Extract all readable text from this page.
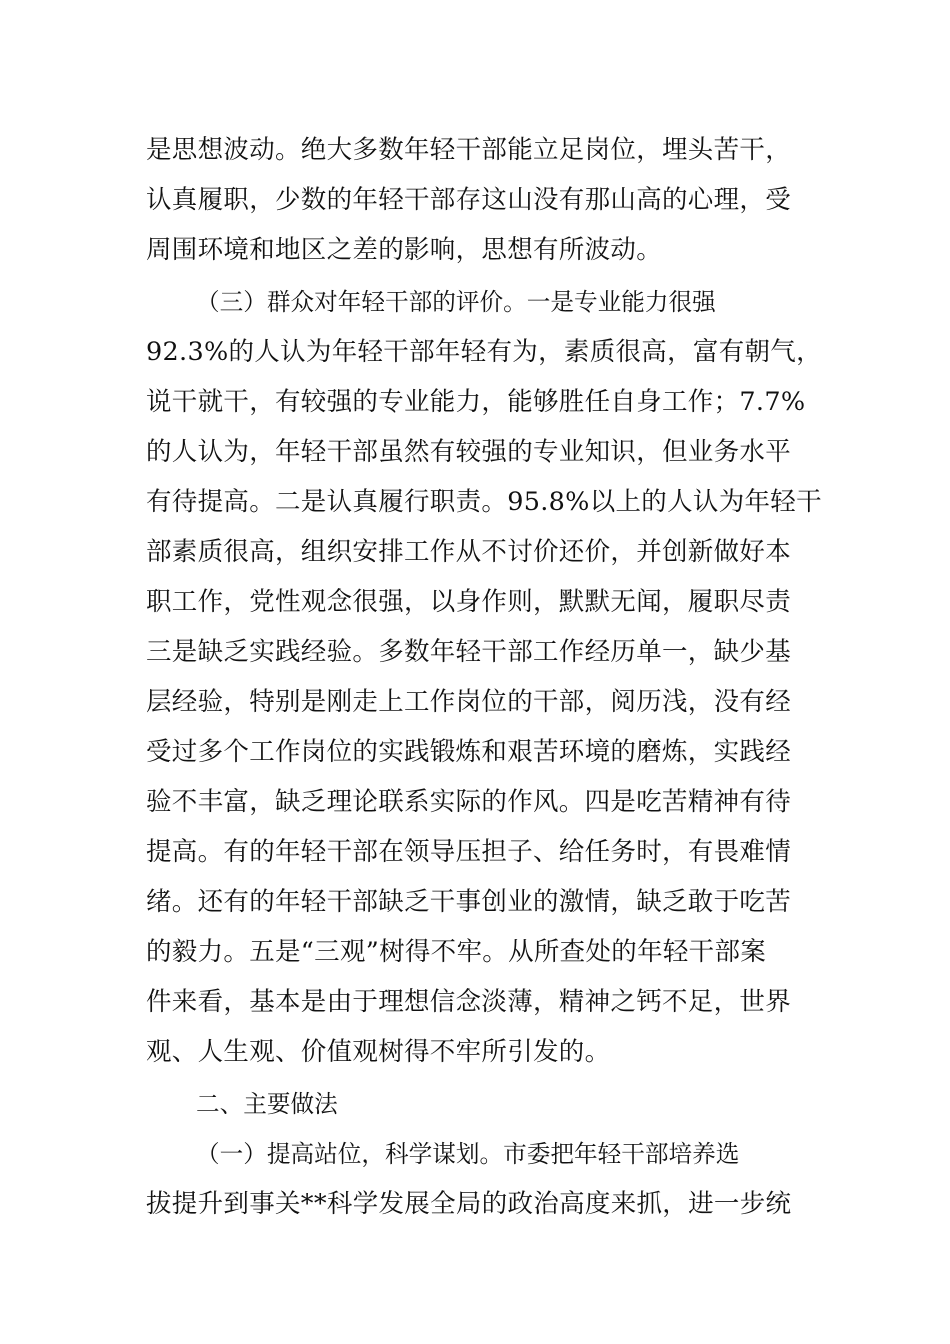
是思想波动。绝大多数年轻干部能立足岗位，埋头苦干，
认真履职，少数的年轻干部存这山没有那山高的心理，受
周围环境和地区之差的影响，思想有所波动。
（三）群众对年轻干部的评价。一是专业能力很强
92.3%的人认为年轻干部年轻有为，素质很高，富有朝气，
说干就干，有较强的专业能力，能够胜任自身工作；7.7%
的人认为，年轻干部虽然有较强的专业知识，但业务水平
有待提高。二是认真履行职责。95.8%以上的人认为年轻干
部素质很高，组织安排工作从不讨价还价，并创新做好本
职工作，党性观念很强，以身作则，默默无闻，履职尽责
三是缺乏实践经验。多数年轻干部工作经历单一，缺少基
层经验，特别是刚走上工作岗位的干部，阅历浅，没有经
受过多个工作岗位的实践锻炼和艰苦环境的磨炼，实践经
验不丰富，缺乏理论联系实际的作风。四是吃苦精神有待
提高。有的年轻干部在领导压担子、给任务时，有畏难情
绪。还有的年轻干部缺乏干事创业的激情，缺乏敢于吃苦
的毅力。五是“三观”树得不牢。从所查处的年轻干部案
件来看，基本是由于理想信念淡薄，精神之钙不足，世界
观、人生观、价值观树得不牢所引发的。
二、主要做法
（一）提高站位，科学谋划。市委把年轻干部培养选
拔提升到事关**科学发展全局的政治高度来抓，进一步统
